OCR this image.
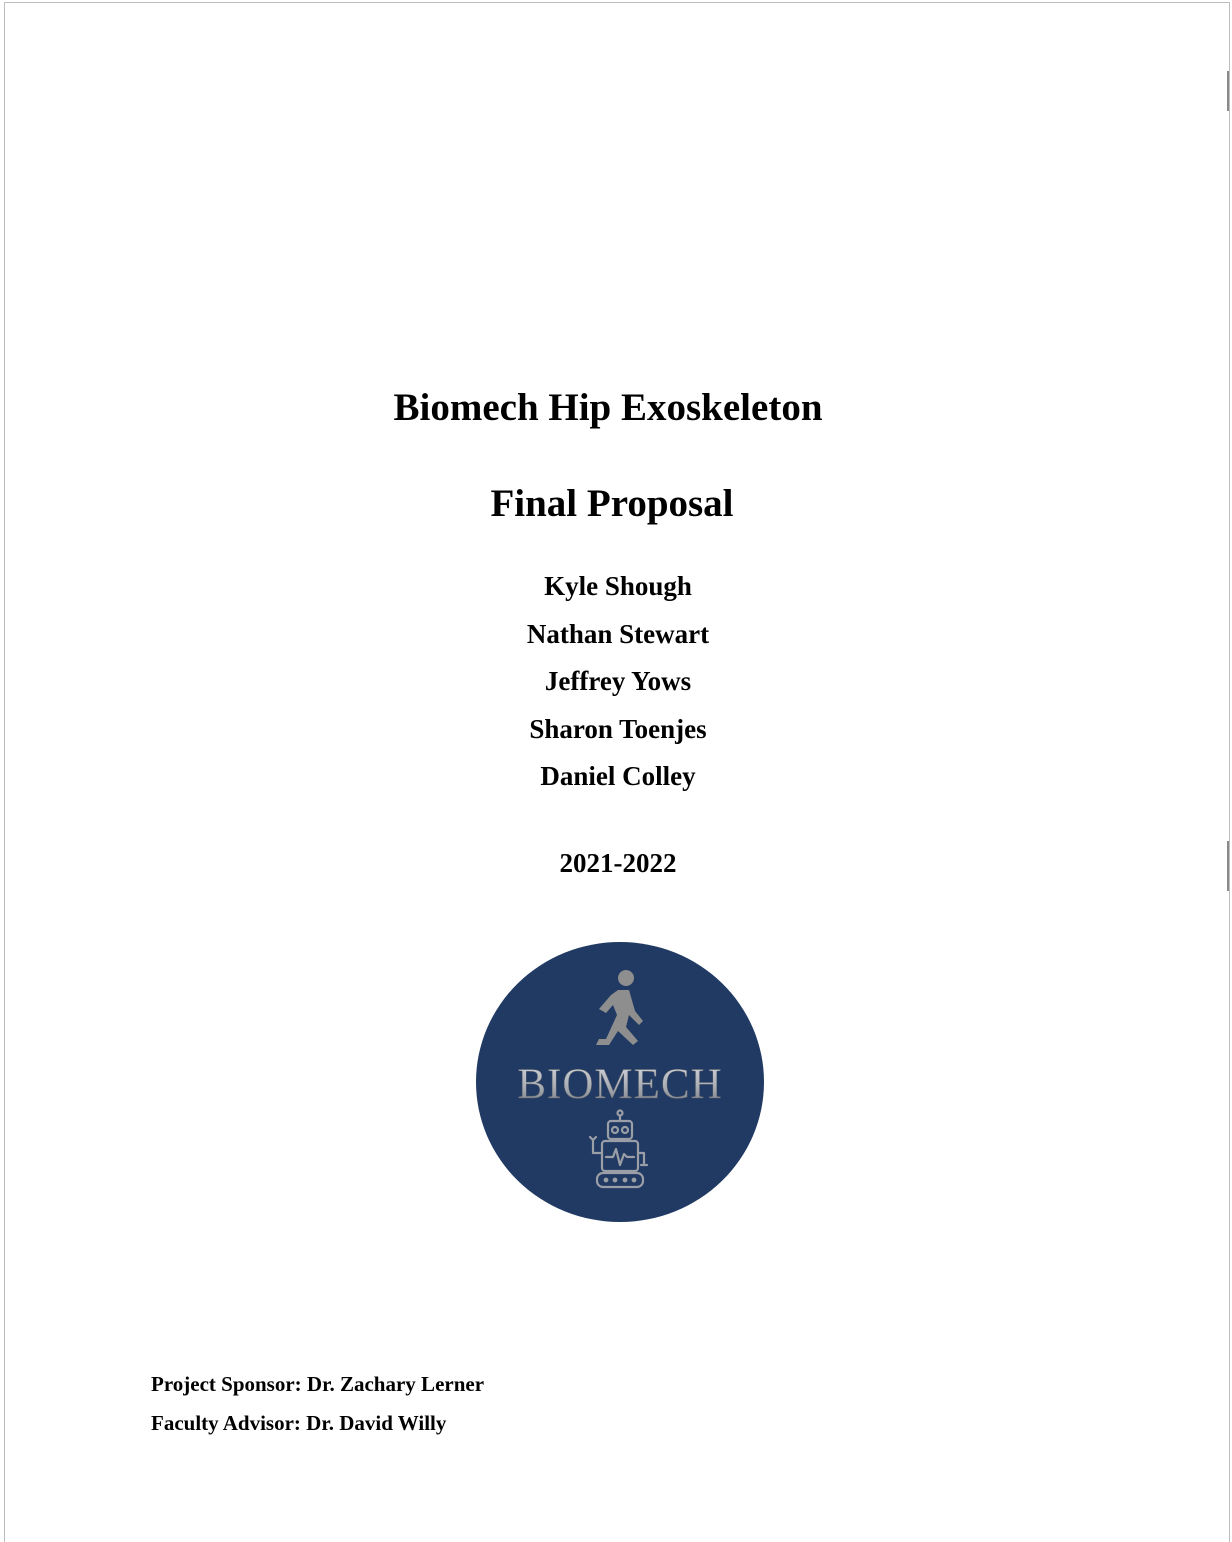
Biomech Hip Exoskeleton
Final Proposal
Kyle Shough
Nathan Stewart
Jeffrey Yows
Sharon Toenjes
Daniel Colley
2021-2022
BIOMECH
Project Sponsor: Dr. Zachary Lerner
Faculty Advisor: Dr. David Willy
